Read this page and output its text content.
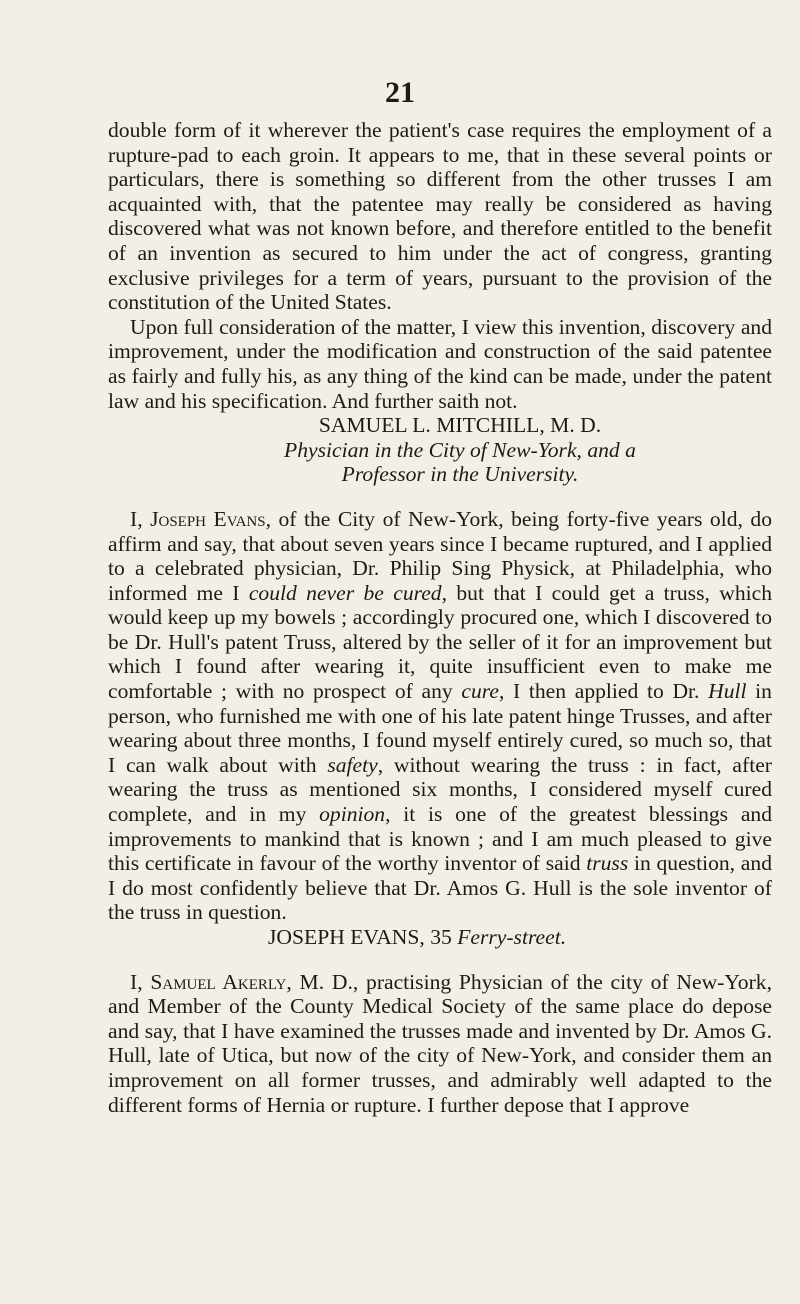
21

double form of it wherever the patient's case requires the employment of a rupture-pad to each groin. It appears to me, that in these several points or particulars, there is something so different from the other trusses I am acquainted with, that the patentee may really be considered as having discovered what was not known before, and therefore entitled to the benefit of an invention as secured to him under the act of congress, granting exclusive privileges for a term of years, pursuant to the provision of the constitution of the United States.

Upon full consideration of the matter, I view this invention, discovery and improvement, under the modification and construction of the said patentee as fairly and fully his, as any thing of the kind can be made, under the patent law and his specification. And further saith not.

SAMUEL L. MITCHILL, M. D.

Physician in the City of New-York, and a

Professor in the University.

I, Joseph Evans, of the City of New-York, being forty-five years old, do affirm and say, that about seven years since I became ruptured, and I applied to a celebrated physician, Dr. Philip Sing Physick, at Philadelphia, who informed me I could never be cured, but that I could get a truss, which would keep up my bowels ; accordingly procured one, which I discovered to be Dr. Hull's patent Truss, altered by the seller of it for an improvement but which I found after wearing it, quite insufficient even to make me comfortable ; with no prospect of any cure, I then applied to Dr. Hull in person, who furnished me with one of his late patent hinge Trusses, and after wearing about three months, I found myself entirely cured, so much so, that I can walk about with safety, without wearing the truss : in fact, after wearing the truss as mentioned six months, I considered myself cured complete, and in my opinion, it is one of the greatest blessings and improvements to mankind that is known ; and I am much pleased to give this certificate in favour of the worthy inventor of said truss in question, and I do most confidently believe that Dr. Amos G. Hull is the sole inventor of the truss in question.

JOSEPH EVANS, 35 Ferry-street.

I, Samuel Akerly, M. D., practising Physician of the city of New-York, and Member of the County Medical Society of the same place do depose and say, that I have examined the trusses made and invented by Dr. Amos G. Hull, late of Utica, but now of the city of New-York, and consider them an improvement on all former trusses, and admirably well adapted to the different forms of Hernia or rupture. I further depose that I approve
